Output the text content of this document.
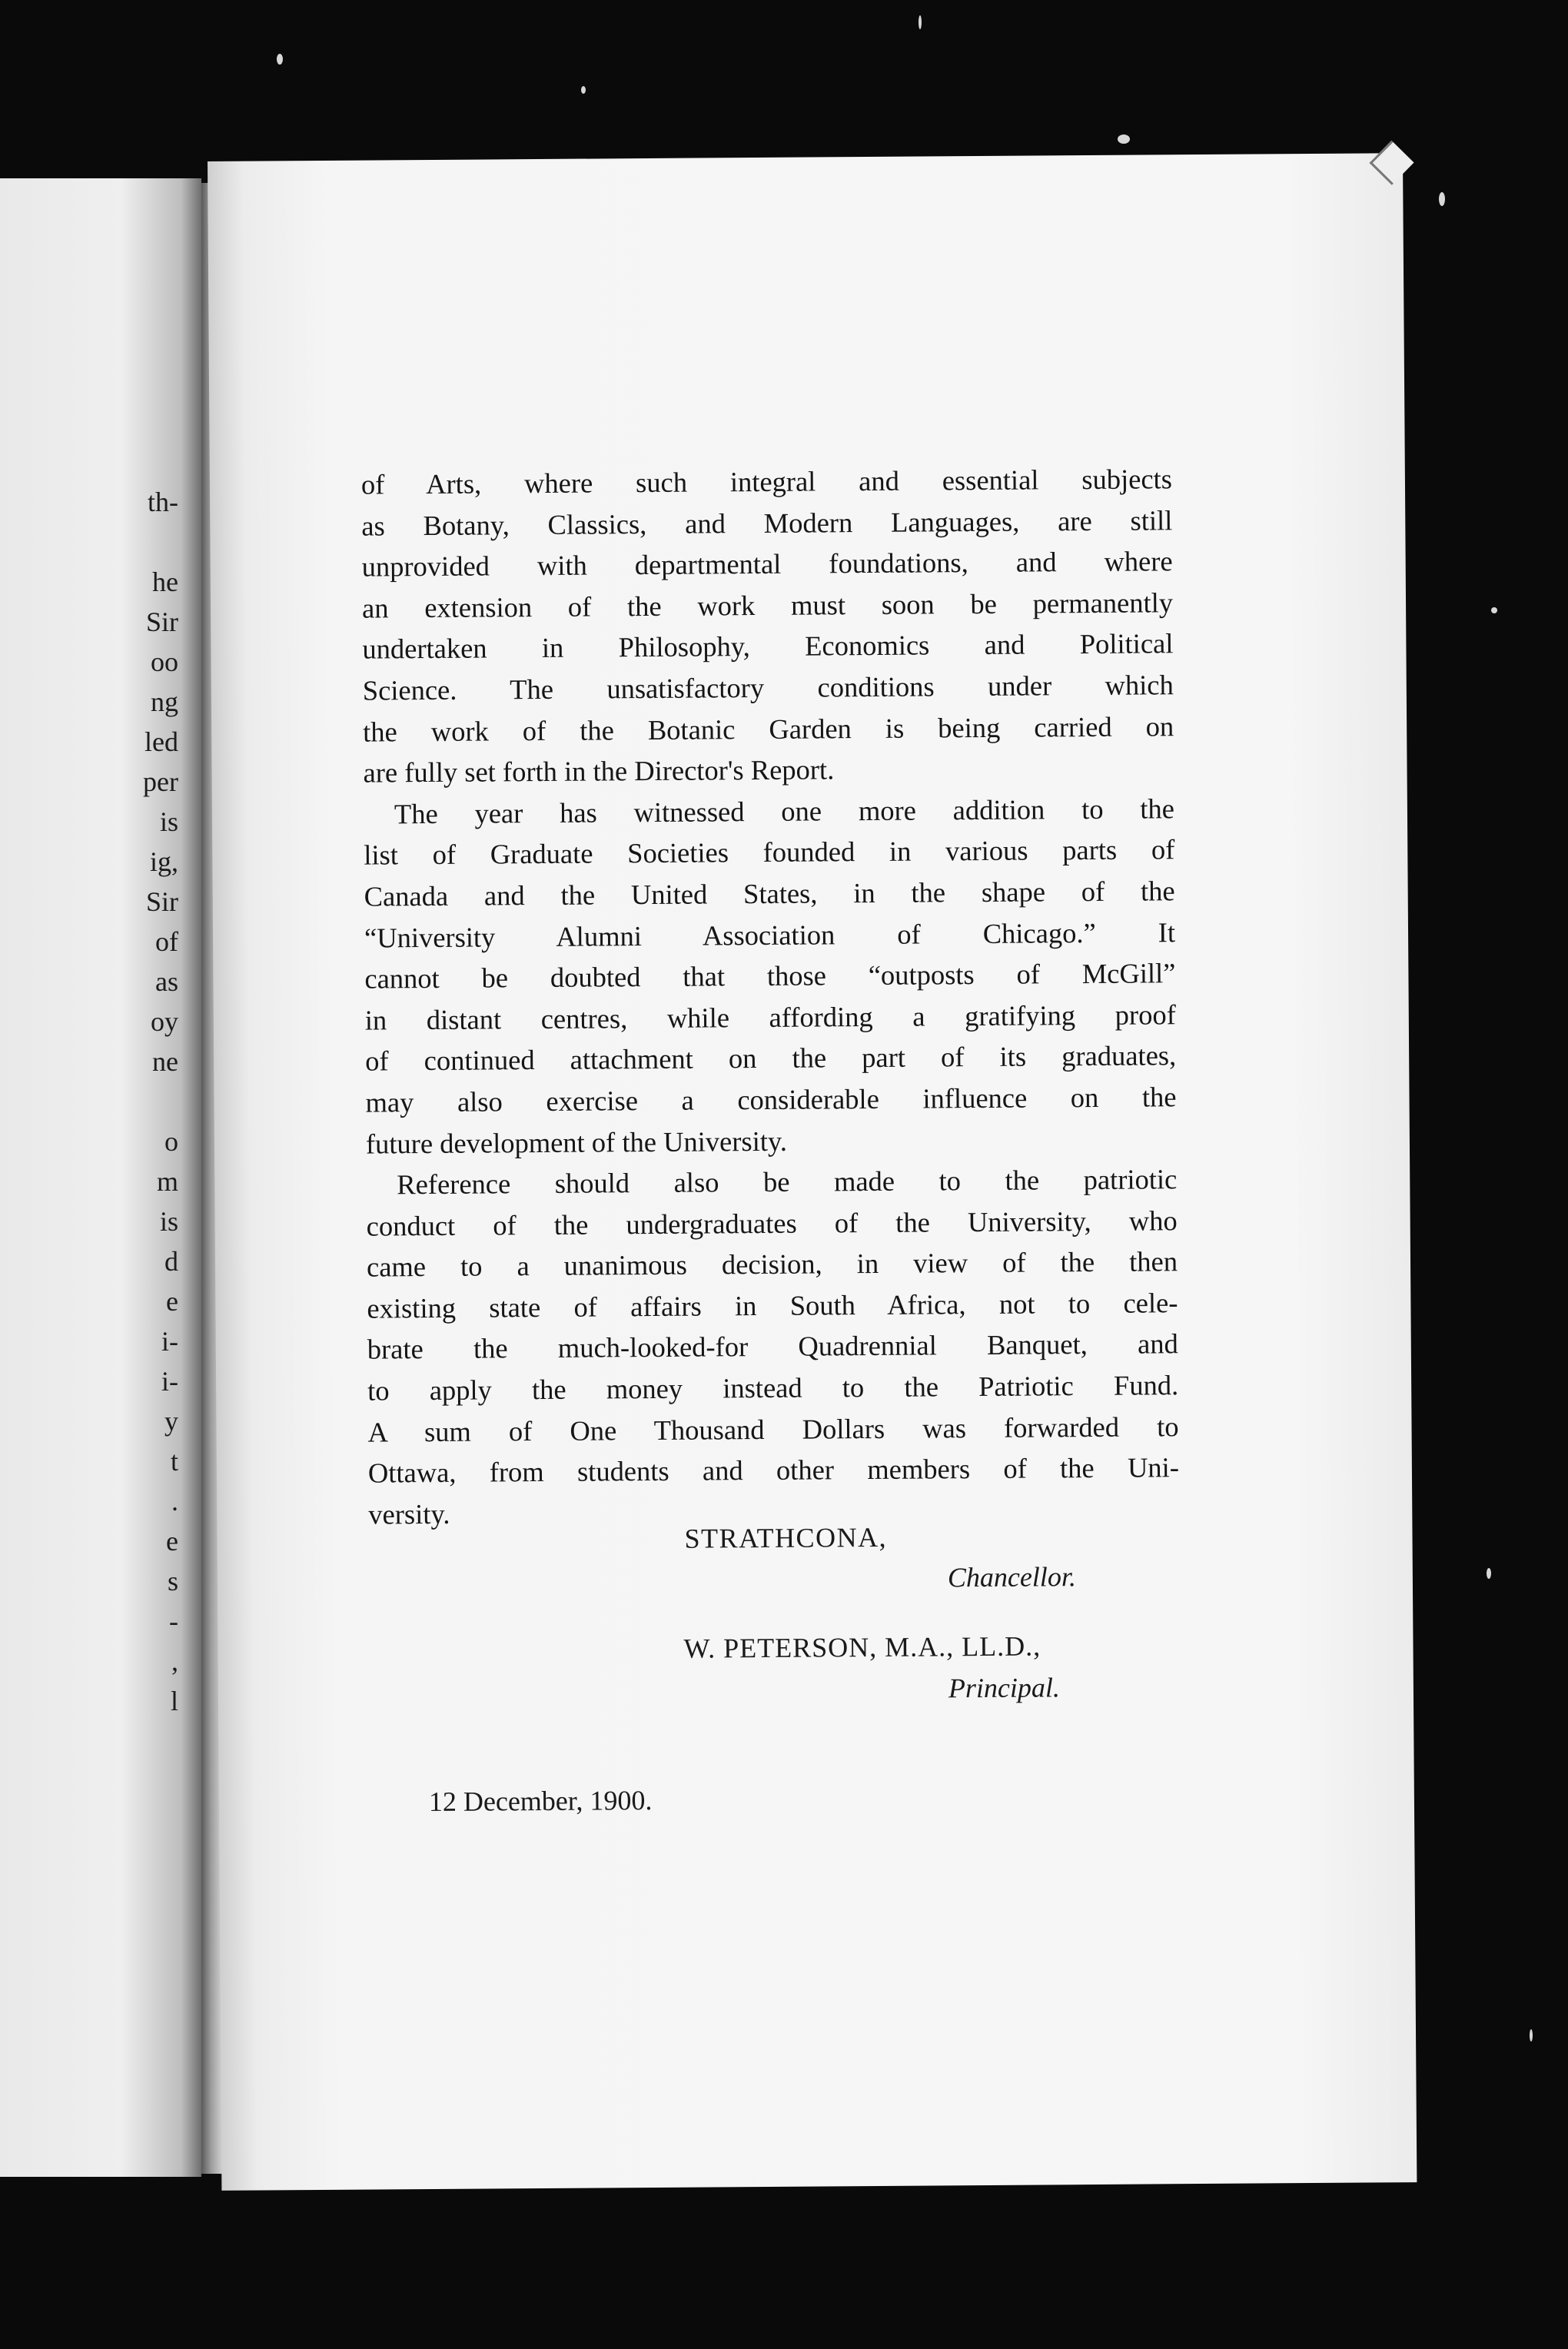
th-

he
Sir
oo
ng
led
per
is
ig,
Sir
of
as
oy
ne

o
m
is
d
e
i-
i-
y
t
.
e
s
-
,
l
of Arts, where such integral and essential subjects
as Botany, Classics, and Modern Languages, are still
unprovided with departmental foundations, and where
an extension of the work must soon be permanently
undertaken in Philosophy, Economics and Political
Science. The unsatisfactory conditions under which
the work of the Botanic Garden is being carried on
are fully set forth in the Director's Report.
The year has witnessed one more addition to the
list of Graduate Societies founded in various parts of
Canada and the United States, in the shape of the
“University Alumni Association of Chicago.” It
cannot be doubted that those “outposts of McGill”
in distant centres, while affording a gratifying proof
of continued attachment on the part of its graduates,
may also exercise a considerable influence on the
future development of the University.
Reference should also be made to the patriotic
conduct of the undergraduates of the University, who
came to a unanimous decision, in view of the then
existing state of affairs in South Africa, not to cele-
brate the much-looked-for Quadrennial Banquet, and
to apply the money instead to the Patriotic Fund.
A sum of One Thousand Dollars was forwarded to
Ottawa, from students and other members of the Uni-
versity.
STRATHCONA,
Chancellor.
W. PETERSON, M.A., LL.D.,
Principal.
12 December, 1900.
